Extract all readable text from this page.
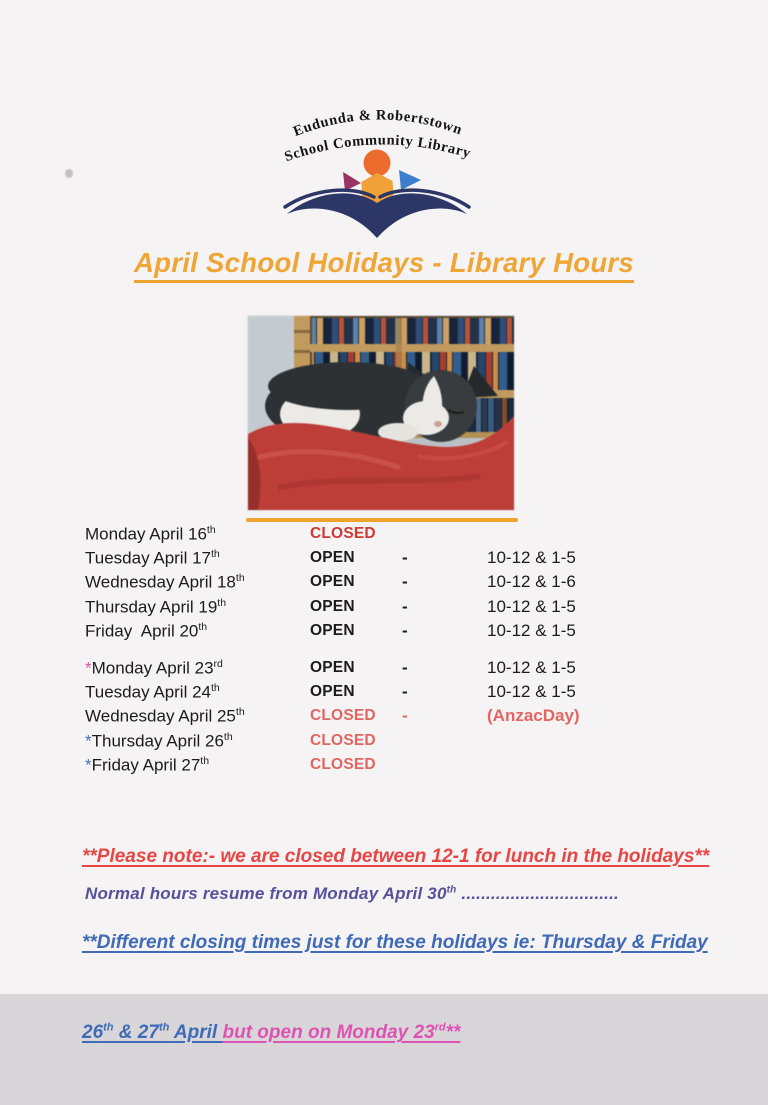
Eudunda & Robertstown
School Community Library
April School Holidays - Library Hours
Monday April 16th	CLOSED
Tuesday April 17th	OPEN	-	10-12 & 1-5
Wednesday April 18th	OPEN	-	10-12 & 1-6
Thursday April 19th	OPEN	-	10-12 & 1-5
Friday  April 20th	OPEN	-	10-12 & 1-5
*Monday April 23rd	OPEN	-	10-12 & 1-5
Tuesday April 24th	OPEN	-	10-12 & 1-5
Wednesday April 25th	CLOSED -	(AnzacDay)
*Thursday April 26th	CLOSED
*Friday April 27th	CLOSED

**Please note:- we are closed between 12-1 for lunch in the holidays**

**Different closing times just for these holidays ie: Thursday & Friday

26th & 27th April but open on Monday 23rd**

Normal hours resume from Monday April 30th ................................
